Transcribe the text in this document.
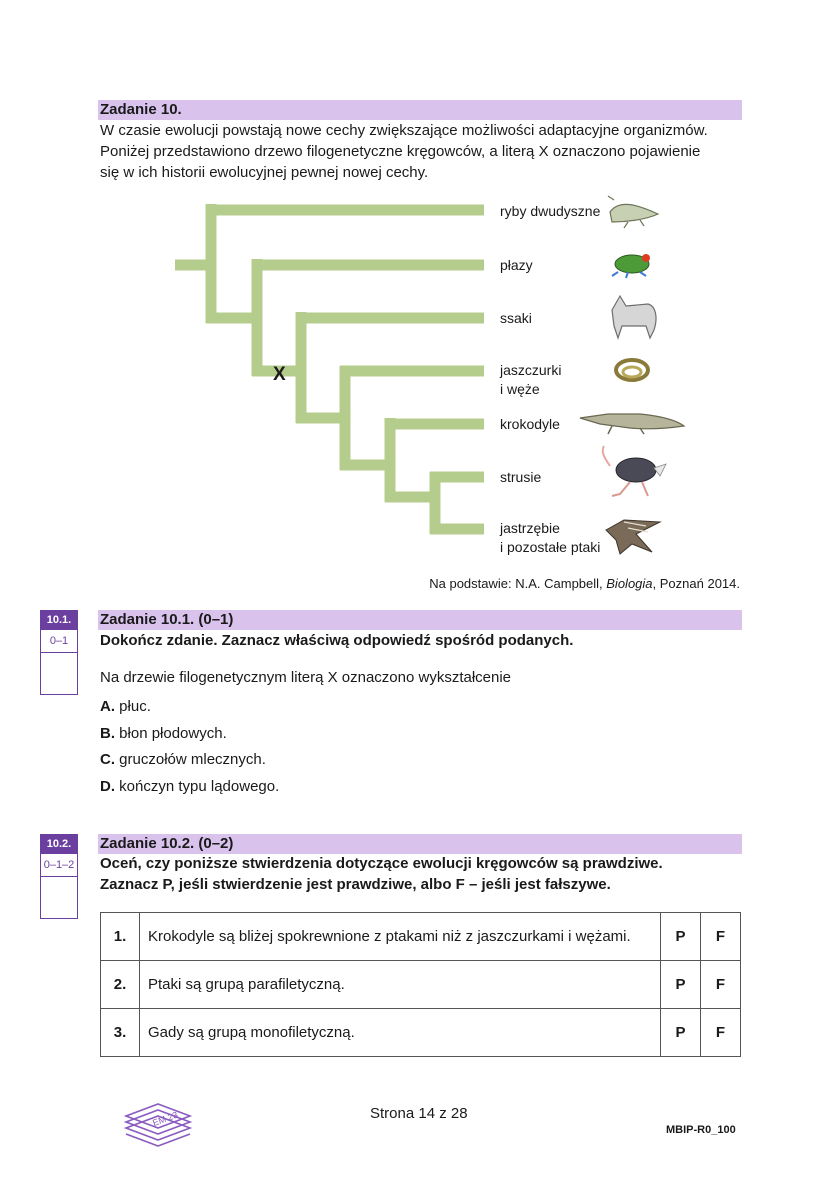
Zadanie 10.
W czasie ewolucji powstają nowe cechy zwiększające możliwości adaptacyjne organizmów.
Poniżej przedstawiono drzewo filogenetyczne kręgowców, a literą X oznaczono pojawienie
się w ich historii ewolucyjnej pewnej nowej cechy.
X
ryby dwudyszne
płazy
ssaki
jaszczurki
i węże
krokodyle
strusie
jastrzębie
i pozostałe ptaki
Na podstawie: N.A. Campbell, Biologia, Poznań 2014.
10.1.
0–1
Zadanie 10.1. (0–1)
Dokończ zdanie. Zaznacz właściwą odpowiedź spośród podanych.
Na drzewie filogenetycznym literą X oznaczono wykształcenie
A. płuc.
B. błon płodowych.
C. gruczołów mlecznych.
D. kończyn typu lądowego.
10.2.
0–1–2
Zadanie 10.2. (0–2)
Oceń, czy poniższe stwierdzenia dotyczące ewolucji kręgowców są prawdziwe.
Zaznacz P, jeśli stwierdzenie jest prawdziwe, albo F – jeśli jest fałszywe.
1.	Krokodyle są bliżej spokrewnione z ptakami niż z jaszczurkami i wężami.	P	F
2.	Ptaki są grupą parafiletyczną.	P	F
3.	Gady są grupą monofiletyczną.	P	F
EM 23	Strona 14 z 28
MBIP-R0_100
